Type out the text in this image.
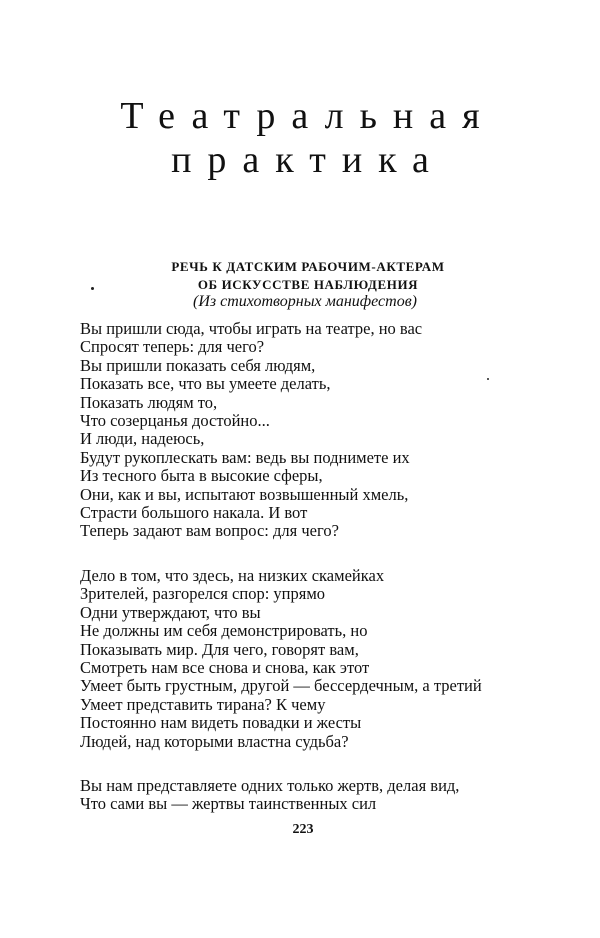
Театральная
практика
РЕЧЬ К ДАТСКИМ РАБОЧИМ-АКТЕРАМ
ОБ ИСКУССТВЕ НАБЛЮДЕНИЯ
(Из стихотворных манифестов)
Вы пришли сюда, чтобы играть на театре, но вас
Спросят теперь: для чего?
Вы пришли показать себя людям,
Показать все, что вы умеете делать,
Показать людям то,
Что созерцанья достойно...
И люди, надеюсь,
Будут рукоплескать вам: ведь вы поднимете их
Из тесного быта в высокие сферы,
Они, как и вы, испытают возвышенный хмель,
Страсти большого накала. И вот
Теперь задают вам вопрос: для чего?
Дело в том, что здесь, на низких скамейках
Зрителей, разгорелся спор: упрямо
Одни утверждают, что вы
Не должны им себя демонстрировать, но
Показывать мир. Для чего, говорят вам,
Смотреть нам все снова и снова, как этот
Умеет быть грустным, другой — бессердечным, а третий
Умеет представить тирана? К чему
Постоянно нам видеть повадки и жесты
Людей, над которыми властна судьба?
Вы нам представляете одних только жертв, делая вид,
Что сами вы — жертвы таинственных сил
223
